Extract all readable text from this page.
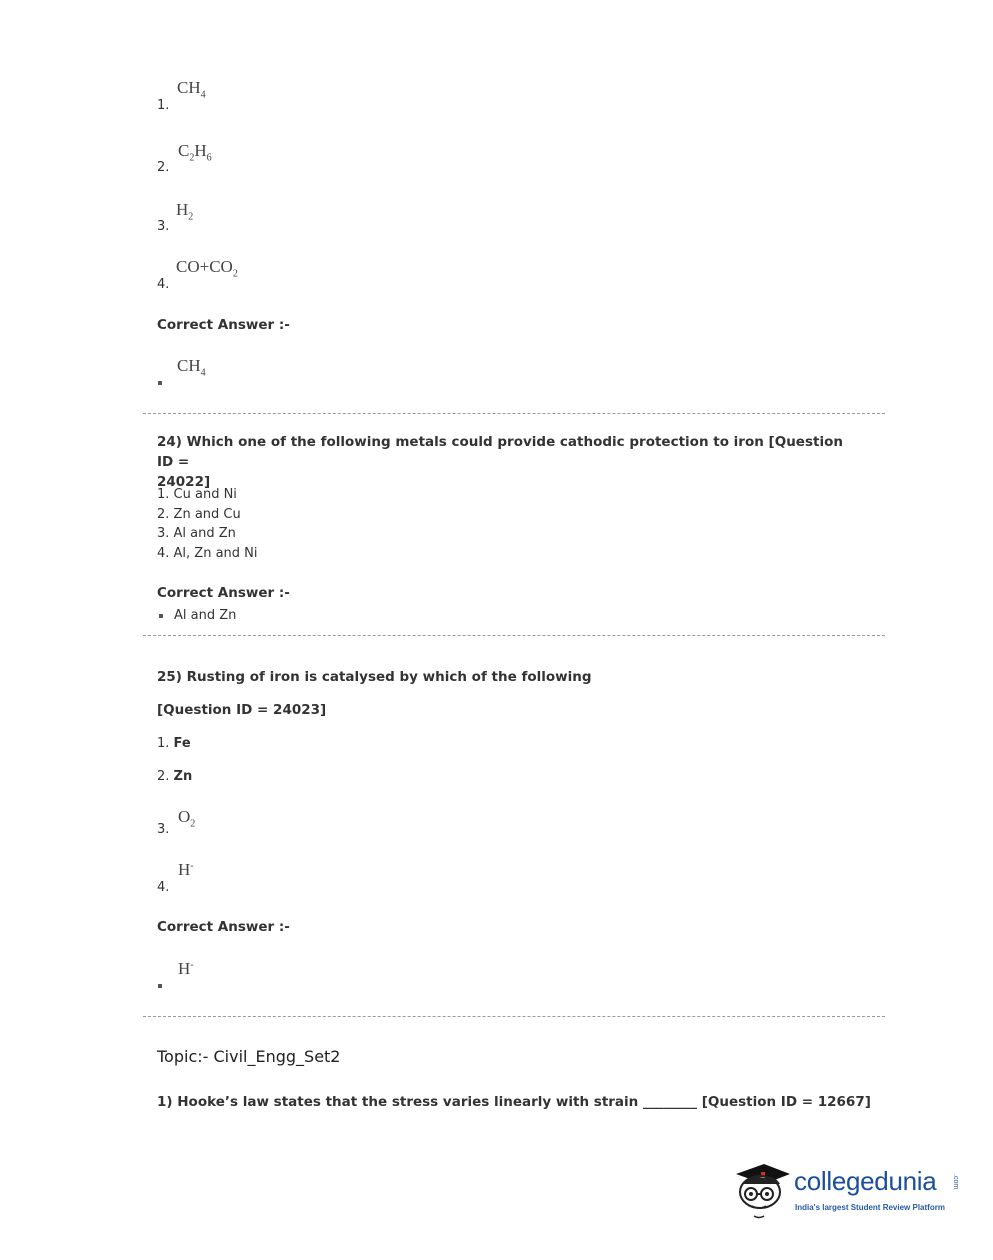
$CH_4$
1.
$C_2H_6$
2.
$H_2$
3.
$CO+CO_2$
4.
Correct Answer :-
$CH_4$
24) Which one of the following metals could provide cathodic protection to iron [Question ID =
24022]
1. Cu and Ni
2. Zn and Cu
3. Al and Zn
4. Al, Zn and Ni
Correct Answer :-
Al and Zn
25) Rusting of iron is catalysed by which of the following
[Question ID = 24023]
1. Fe
2. Zn
$O_2$
3.
H-
4.
Correct Answer :-
H-
Topic:- Civil_Engg_Set2
1) Hooke’s law states that the stress varies linearly with strain ________ [Question ID = 12667]
collegedunia .com
India's largest Student Review Platform
